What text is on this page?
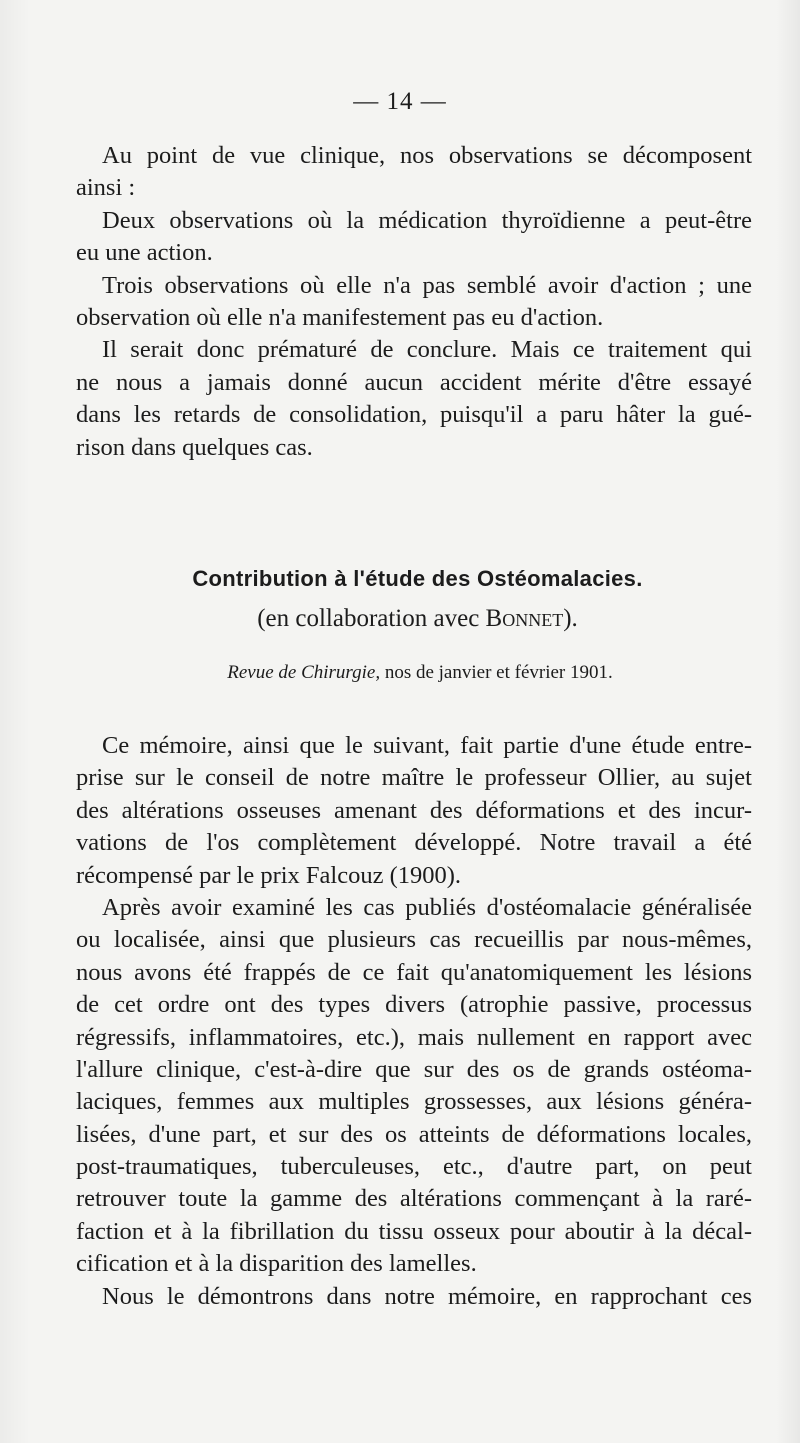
— 14 —
Au point de vue clinique, nos observations se décomposent
ainsi :
Deux observations où la médication thyroïdienne a peut-être
eu une action.
Trois observations où elle n'a pas semblé avoir d'action ; une
observation où elle n'a manifestement pas eu d'action.
Il serait donc prématuré de conclure. Mais ce traitement qui
ne nous a jamais donné aucun accident mérite d'être essayé
dans les retards de consolidation, puisqu'il a paru hâter la gué-
rison dans quelques cas.
Contribution à l'étude des Ostéomalacies.
(en collaboration avec Bonnet).
Revue de Chirurgie, nos de janvier et février 1901.
Ce mémoire, ainsi que le suivant, fait partie d'une étude entre-
prise sur le conseil de notre maître le professeur Ollier, au sujet
des altérations osseuses amenant des déformations et des incur-
vations de l'os complètement développé. Notre travail a été
récompensé par le prix Falcouz (1900).
Après avoir examiné les cas publiés d'ostéomalacie généralisée
ou localisée, ainsi que plusieurs cas recueillis par nous-mêmes,
nous avons été frappés de ce fait qu'anatomiquement les lésions
de cet ordre ont des types divers (atrophie passive, processus
régressifs, inflammatoires, etc.), mais nullement en rapport avec
l'allure clinique, c'est-à-dire que sur des os de grands ostéoma-
laciques, femmes aux multiples grossesses, aux lésions généra-
lisées, d'une part, et sur des os atteints de déformations locales,
post-traumatiques, tuberculeuses, etc., d'autre part, on peut
retrouver toute la gamme des altérations commençant à la raré-
faction et à la fibrillation du tissu osseux pour aboutir à la décal-
cification et à la disparition des lamelles.
Nous le démontrons dans notre mémoire, en rapprochant ces
